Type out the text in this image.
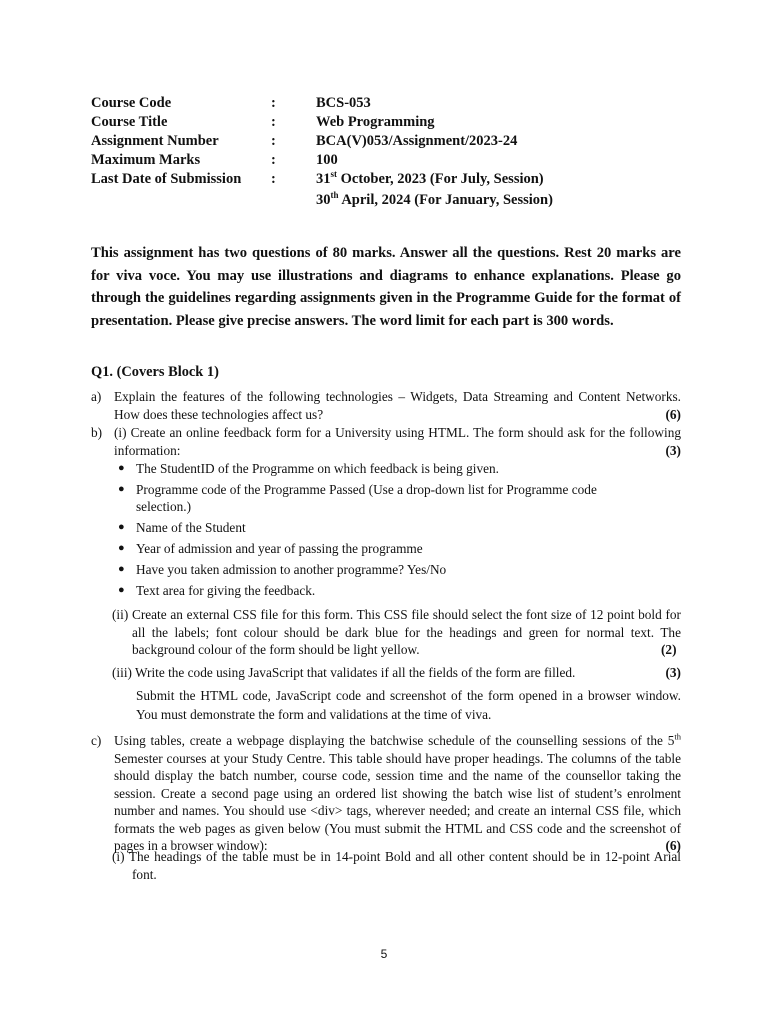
Course Code	:	BCS-053
Course Title	:	Web Programming
Assignment Number	:	BCA(V)053/Assignment/2023-24
Maximum Marks	:	100
Last Date of Submission :	31st October, 2023 (For July, Session)
30th April, 2024 (For January, Session)

This assignment has two questions of 80 marks. Answer all the questions. Rest 20 marks are for viva voce. You may use illustrations and diagrams to enhance explanations. Please go through the guidelines regarding assignments given in the Programme Guide for the format of presentation. Please give precise answers. The word limit for each part is 300 words.

Q1. (Covers Block 1)

a) Explain the features of the following technologies – Widgets, Data Streaming and Content Networks. How does these technologies affect us?	(6)
b) (i) Create an online feedback form for a University using HTML. The form should ask for the following information:	(3)
● The StudentID of the Programme on which feedback is being given.
● Programme code of the Programme Passed (Use a drop-down list for Programme code selection.)
● Name of the Student
● Year of admission and year of passing the programme
● Have you taken admission to another programme? Yes/No
● Text area for giving the feedback.
(ii) Create an external CSS file for this form. This CSS file should select the font size of 12 point bold for all the labels; font colour should be dark blue for the headings and green for normal text. The background colour of the form should be light yellow.	(2)
(iii) Write the code using JavaScript that validates if all the fields of the form are filled.	(3)
Submit the HTML code, JavaScript code and screenshot of the form opened in a browser window. You must demonstrate the form and validations at the time of viva.
c) Using tables, create a webpage displaying the batchwise schedule of the counselling sessions of the 5th Semester courses at your Study Centre. This table should have proper headings. The columns of the table should display the batch number, course code, session time and the name of the counsellor taking the session. Create a second page using an ordered list showing the batch wise list of student’s enrolment number and names. You should use <div> tags, wherever needed; and create an internal CSS file, which formats the web pages as given below (You must submit the HTML and CSS code and the screenshot of pages in a browser window):	(6)
(i) The headings of the table must be in 14-point Bold and all other content should be in 12-point Arial font.
5
